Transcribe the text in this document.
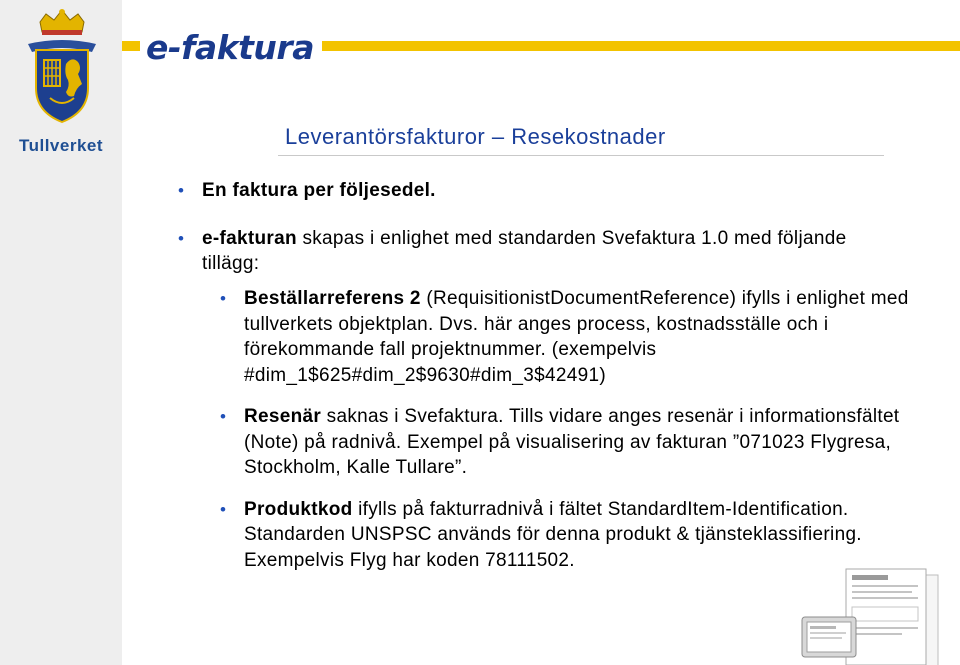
Tullverket
e-faktura
Leverantörsfakturor – Resekostnader
• En faktura per följesedel.
• e-fakturan skapas i enlighet med standarden Svefaktura 1.0 med följande tillägg:
• Beställarreferens 2 (RequisitionistDocumentReference) ifylls i enlighet med tullverkets objektplan. Dvs. här anges process, kostnadsställe och i förekommande fall projektnummer. (exempelvis #dim_1$625#dim_2$9630#dim_3$42491)
• Resenär saknas i Svefaktura. Tills vidare anges resenär i informationsfältet (Note) på radnivå. Exempel på visualisering av fakturan ”071023 Flygresa, Stockholm, Kalle Tullare”.
• Produktkod ifylls på fakturradnivå i fältet StandardItem-Identification. Standarden UNSPSC används för denna produkt & tjänsteklassifiering. Exempelvis Flyg har koden 78111502.
